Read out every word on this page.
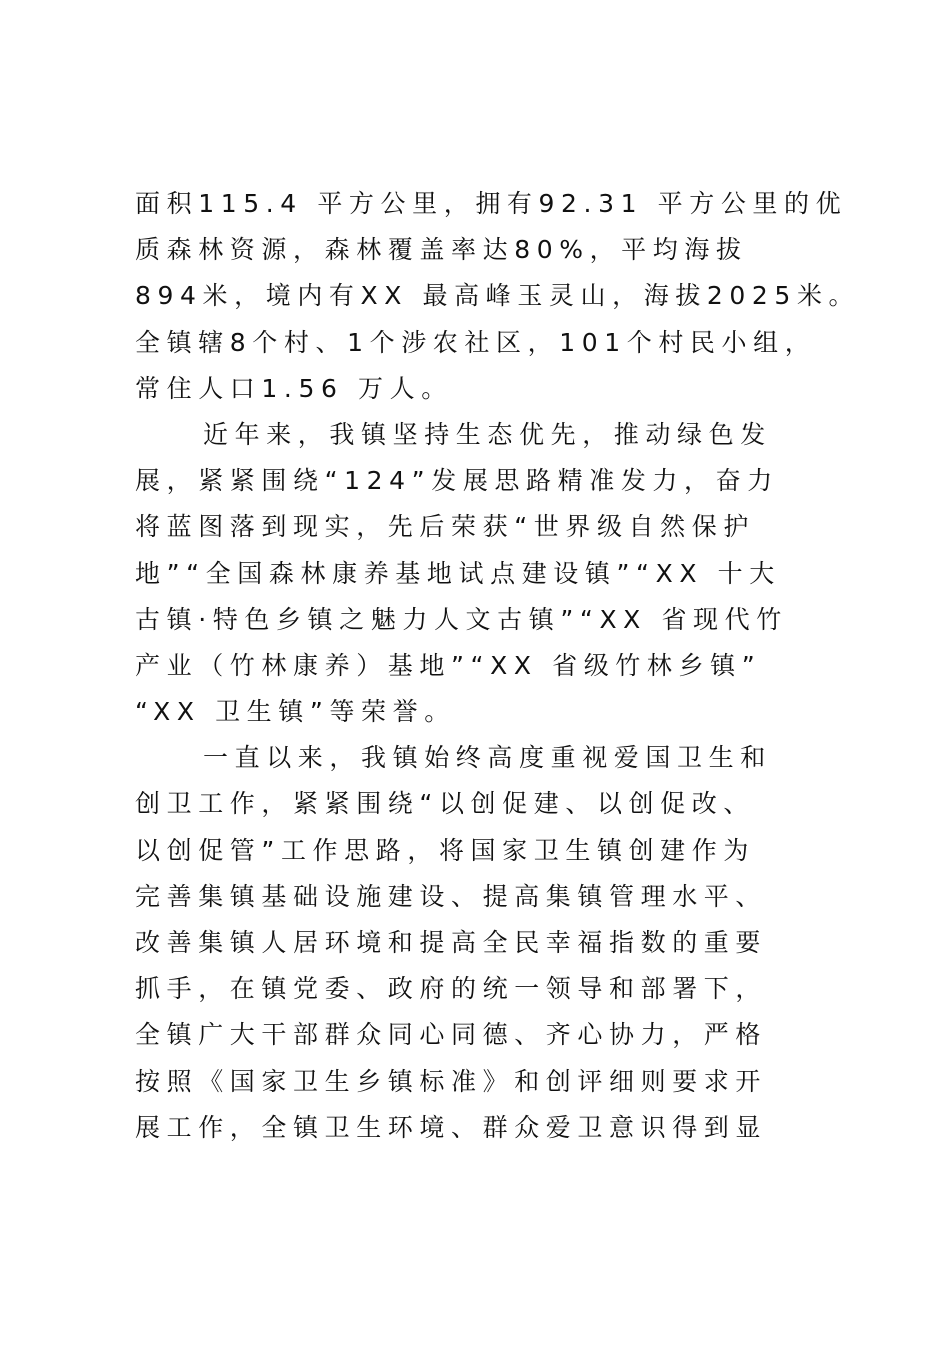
面积115.4 平方公里，拥有92.31 平方公里的优
质森林资源，森林覆盖率达80%，平均海拔
894米，境内有XX 最高峰玉灵山，海拔2025米。
全镇辖8个村、1个涉农社区，101个村民小组，
常住人口1.56 万人。
近年来，我镇坚持生态优先，推动绿色发
展，紧紧围绕“124”发展思路精准发力，奋力
将蓝图落到现实，先后荣获“世界级自然保护
地”“全国森林康养基地试点建设镇”“XX 十大
古镇·特色乡镇之魅力人文古镇”“XX 省现代竹
产业（竹林康养）基地”“XX 省级竹林乡镇”
“XX 卫生镇”等荣誉。
一直以来，我镇始终高度重视爱国卫生和
创卫工作，紧紧围绕“以创促建、以创促改、
以创促管”工作思路，将国家卫生镇创建作为
完善集镇基础设施建设、提高集镇管理水平、
改善集镇人居环境和提高全民幸福指数的重要
抓手，在镇党委、政府的统一领导和部署下，
全镇广大干部群众同心同德、齐心协力，严格
按照《国家卫生乡镇标准》和创评细则要求开
展工作，全镇卫生环境、群众爱卫意识得到显
